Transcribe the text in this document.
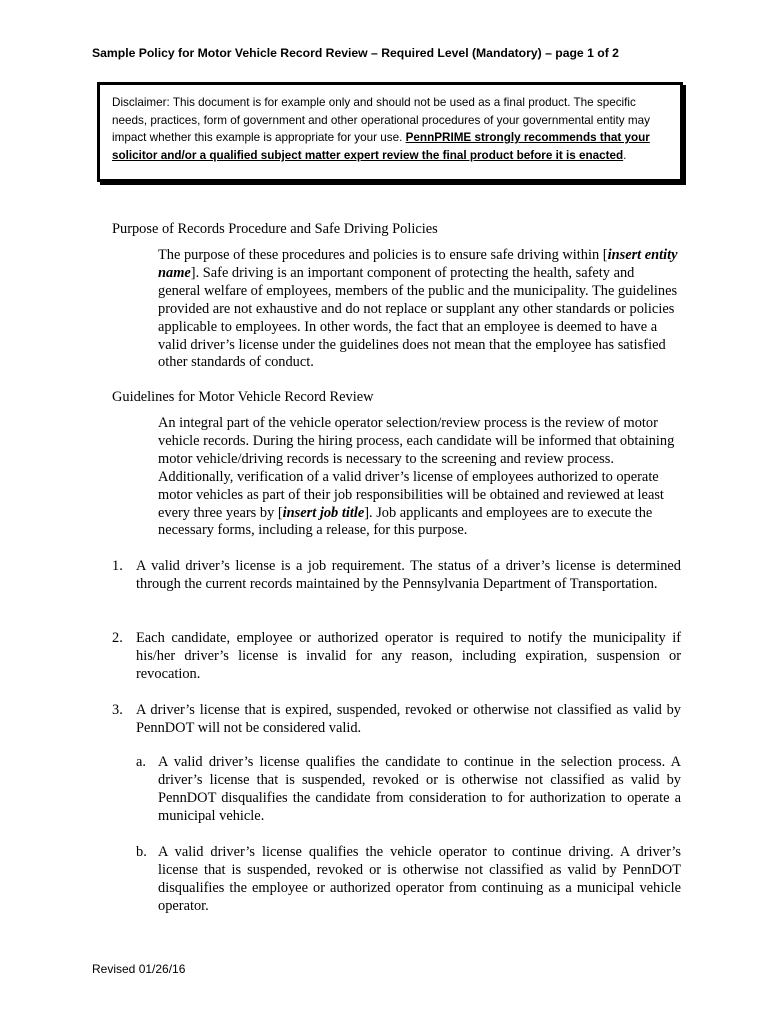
Sample Policy for Motor Vehicle Record Review – Required Level (Mandatory) – page 1 of 2
Disclaimer: This document is for example only and should not be used as a final product. The specific needs, practices, form of government and other operational procedures of your governmental entity may impact whether this example is appropriate for your use. PennPRIME strongly recommends that your solicitor and/or a qualified subject matter expert review the final product before it is enacted.
Purpose of Records Procedure and Safe Driving Policies
The purpose of these procedures and policies is to ensure safe driving within [insert entity name]. Safe driving is an important component of protecting the health, safety and general welfare of employees, members of the public and the municipality. The guidelines provided are not exhaustive and do not replace or supplant any other standards or policies applicable to employees. In other words, the fact that an employee is deemed to have a valid driver’s license under the guidelines does not mean that the employee has satisfied other standards of conduct.
Guidelines for Motor Vehicle Record Review
An integral part of the vehicle operator selection/review process is the review of motor vehicle records. During the hiring process, each candidate will be informed that obtaining motor vehicle/driving records is necessary to the screening and review process. Additionally, verification of a valid driver’s license of employees authorized to operate motor vehicles as part of their job responsibilities will be obtained and reviewed at least every three years by [insert job title]. Job applicants and employees are to execute the necessary forms, including a release, for this purpose.
1. A valid driver’s license is a job requirement. The status of a driver’s license is determined through the current records maintained by the Pennsylvania Department of Transportation.
2. Each candidate, employee or authorized operator is required to notify the municipality if his/her driver’s license is invalid for any reason, including expiration, suspension or revocation.
3. A driver’s license that is expired, suspended, revoked or otherwise not classified as valid by PennDOT will not be considered valid.
a. A valid driver’s license qualifies the candidate to continue in the selection process. A driver’s license that is suspended, revoked or is otherwise not classified as valid by PennDOT disqualifies the candidate from consideration to for authorization to operate a municipal vehicle.
b. A valid driver’s license qualifies the vehicle operator to continue driving. A driver’s license that is suspended, revoked or is otherwise not classified as valid by PennDOT disqualifies the employee or authorized operator from continuing as a municipal vehicle operator.
Revised 01/26/16
